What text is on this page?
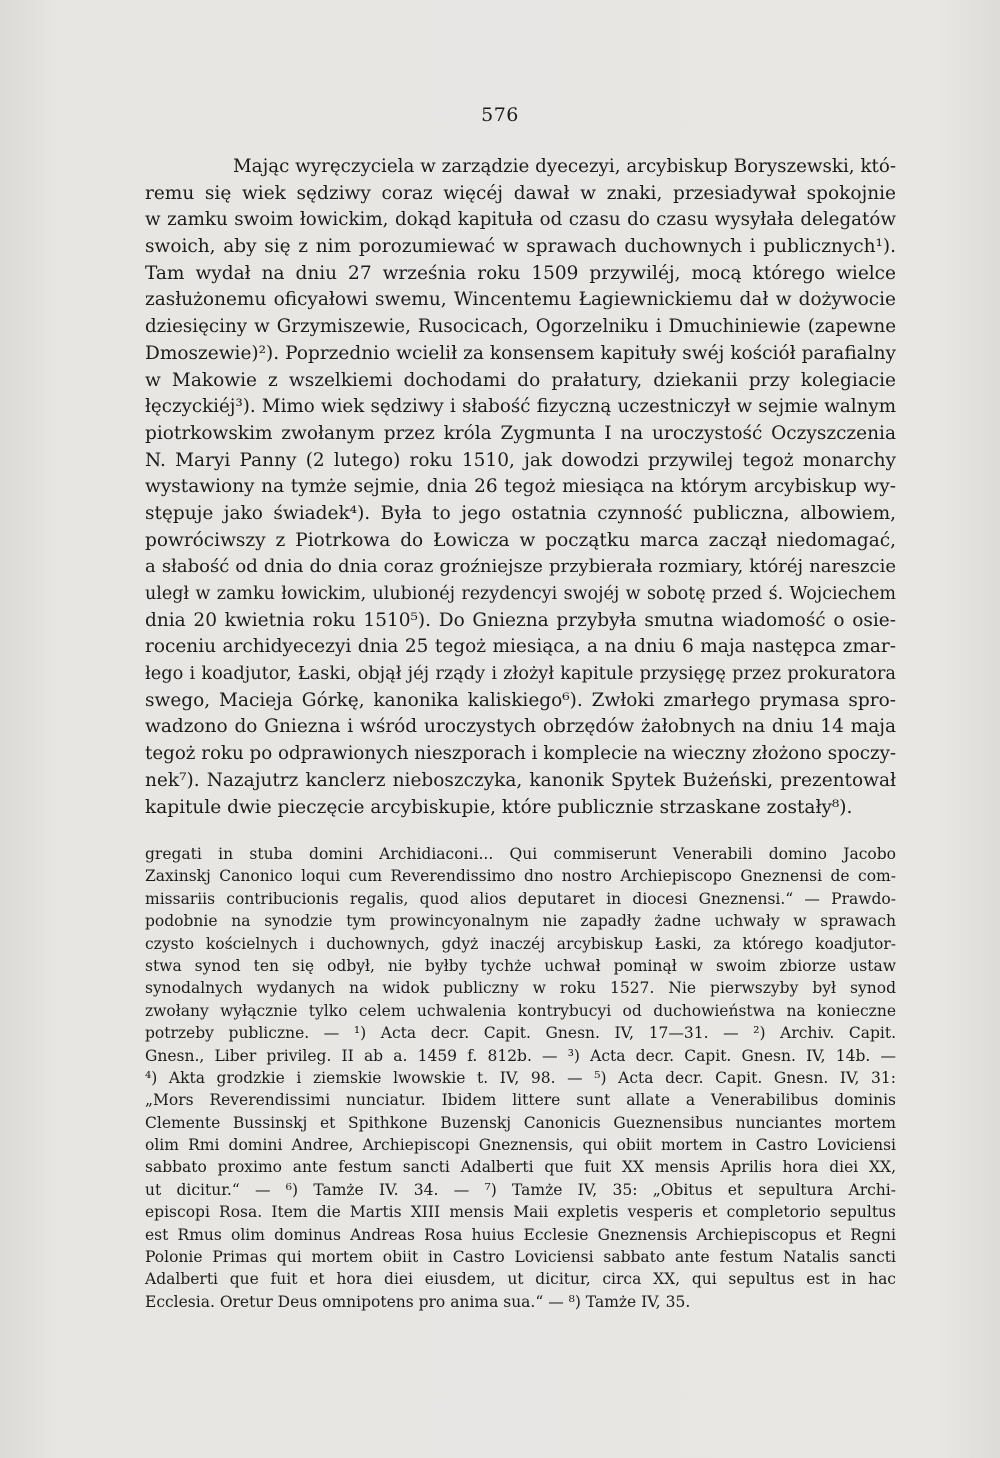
576
Mając wyręczyciela w zarządzie dyecezyi, arcybiskup Boryszewski, któ-
remu się wiek sędziwy coraz więcéj dawał w znaki, przesiadywał spokojnie
w zamku swoim łowickim, dokąd kapituła od czasu do czasu wysyłała delegatów
swoich, aby się z nim porozumiewać w sprawach duchownych i publicznych¹).
Tam wydał na dniu 27 września roku 1509 przywiléj, mocą którego wielce
zasłużonemu oficyałowi swemu, Wincentemu Łagiewnickiemu dał w dożywocie
dziesięciny w Grzymiszewie, Rusocicach, Ogorzelniku i Dmuchiniewie (zapewne
Dmoszewie)²). Poprzednio wcielił za konsensem kapituły swéj kościół parafialny
w Makowie z wszelkiemi dochodami do prałatury, dziekanii przy kolegiacie
łęczyckiéj³). Mimo wiek sędziwy i słabość fizyczną uczestniczył w sejmie walnym
piotrkowskim zwołanym przez króla Zygmunta I na uroczystość Oczyszczenia
N. Maryi Panny (2 lutego) roku 1510, jak dowodzi przywilej tegoż monarchy
wystawiony na tymże sejmie, dnia 26 tegoż miesiąca na którym arcybiskup wy-
stępuje jako świadek⁴). Była to jego ostatnia czynność publiczna, albowiem,
powróciwszy z Piotrkowa do Łowicza w początku marca zaczął niedomagać,
a słabość od dnia do dnia coraz groźniejsze przybierała rozmiary, któréj nareszcie
uległ w zamku łowickim, ulubionéj rezydencyi swojéj w sobotę przed ś. Wojciechem
dnia 20 kwietnia roku 1510⁵). Do Gniezna przybyła smutna wiadomość o osie-
roceniu archidyecezyi dnia 25 tegoż miesiąca, a na dniu 6 maja następca zmar-
łego i koadjutor, Łaski, objął jéj rządy i złożył kapitule przysięgę przez prokuratora
swego, Macieja Górkę, kanonika kaliskiego⁶). Zwłoki zmarłego prymasa spro-
wadzono do Gniezna i wśród uroczystych obrzędów żałobnych na dniu 14 maja
tegoż roku po odprawionych nieszporach i komplecie na wieczny złożono spoczy-
nek⁷). Nazajutrz kanclerz nieboszczyka, kanonik Spytek Bużeński, prezentował
kapitule dwie pieczęcie arcybiskupie, które publicznie strzaskane zostały⁸).
gregati in stuba domini Archidiaconi... Qui commiserunt Venerabili domino Jacobo
Zaxinskj Canonico loqui cum Reverendissimo dno nostro Archiepiscopo Gneznensi de com-
missariis contribucionis regalis, quod alios deputaret in diocesi Gneznensi.“ — Prawdo-
podobnie na synodzie tym prowincyonalnym nie zapadły żadne uchwały w sprawach
czysto kościelnych i duchownych, gdyż inaczéj arcybiskup Łaski, za którego koadjutor-
stwa synod ten się odbył, nie byłby tychże uchwał pominął w swoim zbiorze ustaw
synodalnych wydanych na widok publiczny w roku 1527. Nie pierwszyby był synod
zwołany wyłącznie tylko celem uchwalenia kontrybucyi od duchowieństwa na konieczne
potrzeby publiczne. — ¹) Acta decr. Capit. Gnesn. IV, 17—31. — ²) Archiv. Capit.
Gnesn., Liber privileg. II ab a. 1459 f. 812b. — ³) Acta decr. Capit. Gnesn. IV, 14b. —
⁴) Akta grodzkie i ziemskie lwowskie t. IV, 98. — ⁵) Acta decr. Capit. Gnesn. IV, 31:
„Mors Reverendissimi nunciatur. Ibidem littere sunt allate a Venerabilibus dominis
Clemente Bussinskj et Spithkone Buzenskj Canonicis Gueznensibus nunciantes mortem
olim Rmi domini Andree, Archiepiscopi Gneznensis, qui obiit mortem in Castro Loviciensi
sabbato proximo ante festum sancti Adalberti que fuit XX mensis Aprilis hora diei XX,
ut dicitur.“ — ⁶) Tamże IV. 34. — ⁷) Tamże IV, 35: „Obitus et sepultura Archi-
episcopi Rosa. Item die Martis XIII mensis Maii expletis vesperis et completorio sepultus
est Rmus olim dominus Andreas Rosa huius Ecclesie Gneznensis Archiepiscopus et Regni
Polonie Primas qui mortem obiit in Castro Loviciensi sabbato ante festum Natalis sancti
Adalberti que fuit et hora diei eiusdem, ut dicitur, circa XX, qui sepultus est in hac
Ecclesia. Oretur Deus omnipotens pro anima sua.“ — ⁸) Tamże IV, 35.
